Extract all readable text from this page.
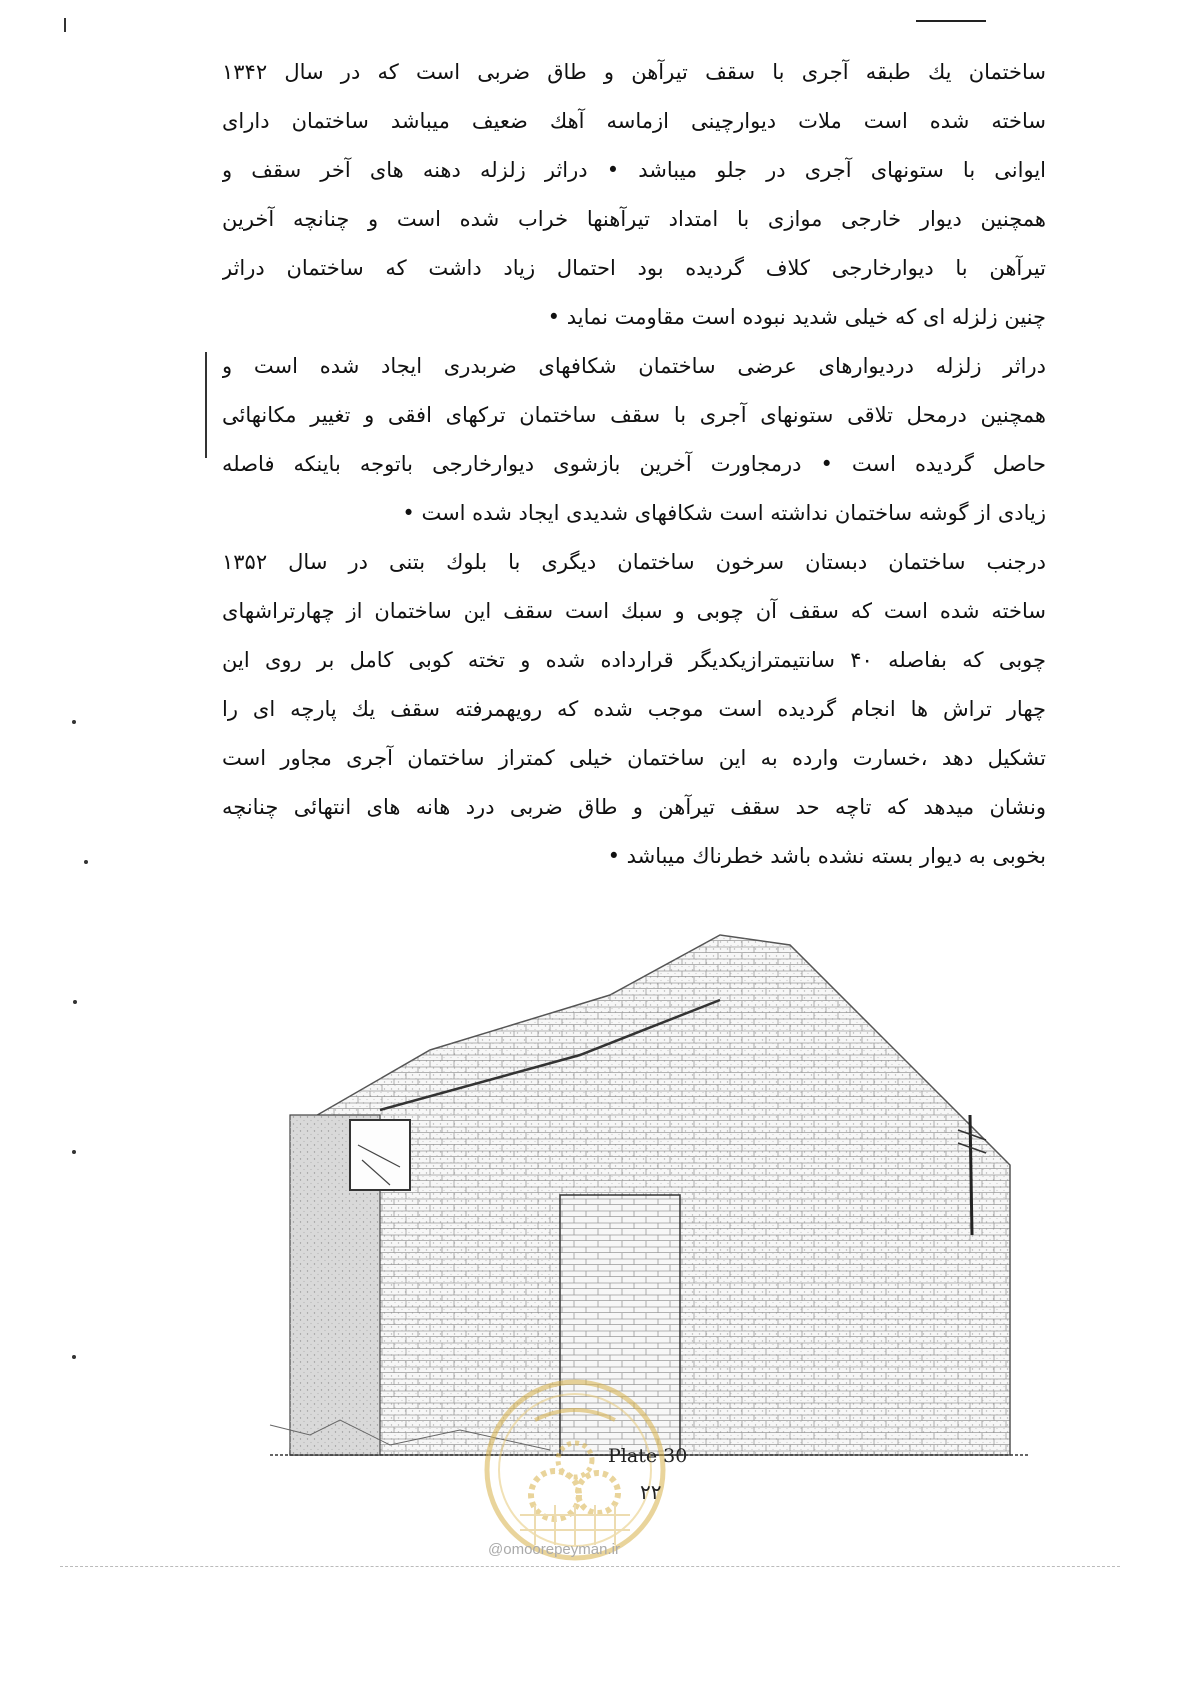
ساختمان یك طبقه آجری با سقف تیرآهن و طاق ضربی است که در سال ۱۳۴۲
ساخته شده است ملات دیوارچینی ازماسه آهك ضعیف میباشد ساختمان دارای
ایوانی با ستونهای آجری در جلو میباشد • دراثر زلزله دهنه های آخر سقف و
همچنین دیوار خارجی موازی با امتداد تیرآهنها خراب شده است و چنانچه آخرین
تیرآهن با دیوارخارجی کلاف گردیده بود احتمال زیاد داشت که ساختمان دراثر
چنین زلزله ای که خیلی شدید نبوده است مقاومت نماید •
دراثر زلزله دردیوارهای عرضی ساختمان شکافهای ضربدری ایجاد شده است و
همچنین درمحل تلاقی ستونهای آجری با سقف ساختمان ترکهای افقی و تغییر مکانهائی
حاصل گردیده است • درمجاورت آخرین بازشوی دیوارخارجی باتوجه باینکه فاصله
زیادی از گوشه ساختمان نداشته است شکافهای شدیدی ایجاد شده است •
درجنب ساختمان دبستان سرخون ساختمان دیگری با بلوك بتنی در سال ۱۳۵۲
ساخته شده است که سقف آن چوبی و سبك است سقف این ساختمان از چهارتراشهای
چوبی که بفاصله ۴۰ سانتیمترازیکدیگر قرارداده شده و تخته کوبی کامل بر روی این
چهار تراش ها انجام گردیده است موجب شده که رویهمرفته سقف یك پارچه ای را
تشکیل دهد ،خسارت وارده به این ساختمان خیلی کمتراز ساختمان آجری مجاور است
ونشان میدهد که تاچه حد سقف تیرآهن و طاق ضربی درد هانه های انتهائی چنانچه
بخوبی به دیوار بسته نشده باشد خطرناك میباشد •
Plate 30
۲۲
@omoorepeyman.ir
